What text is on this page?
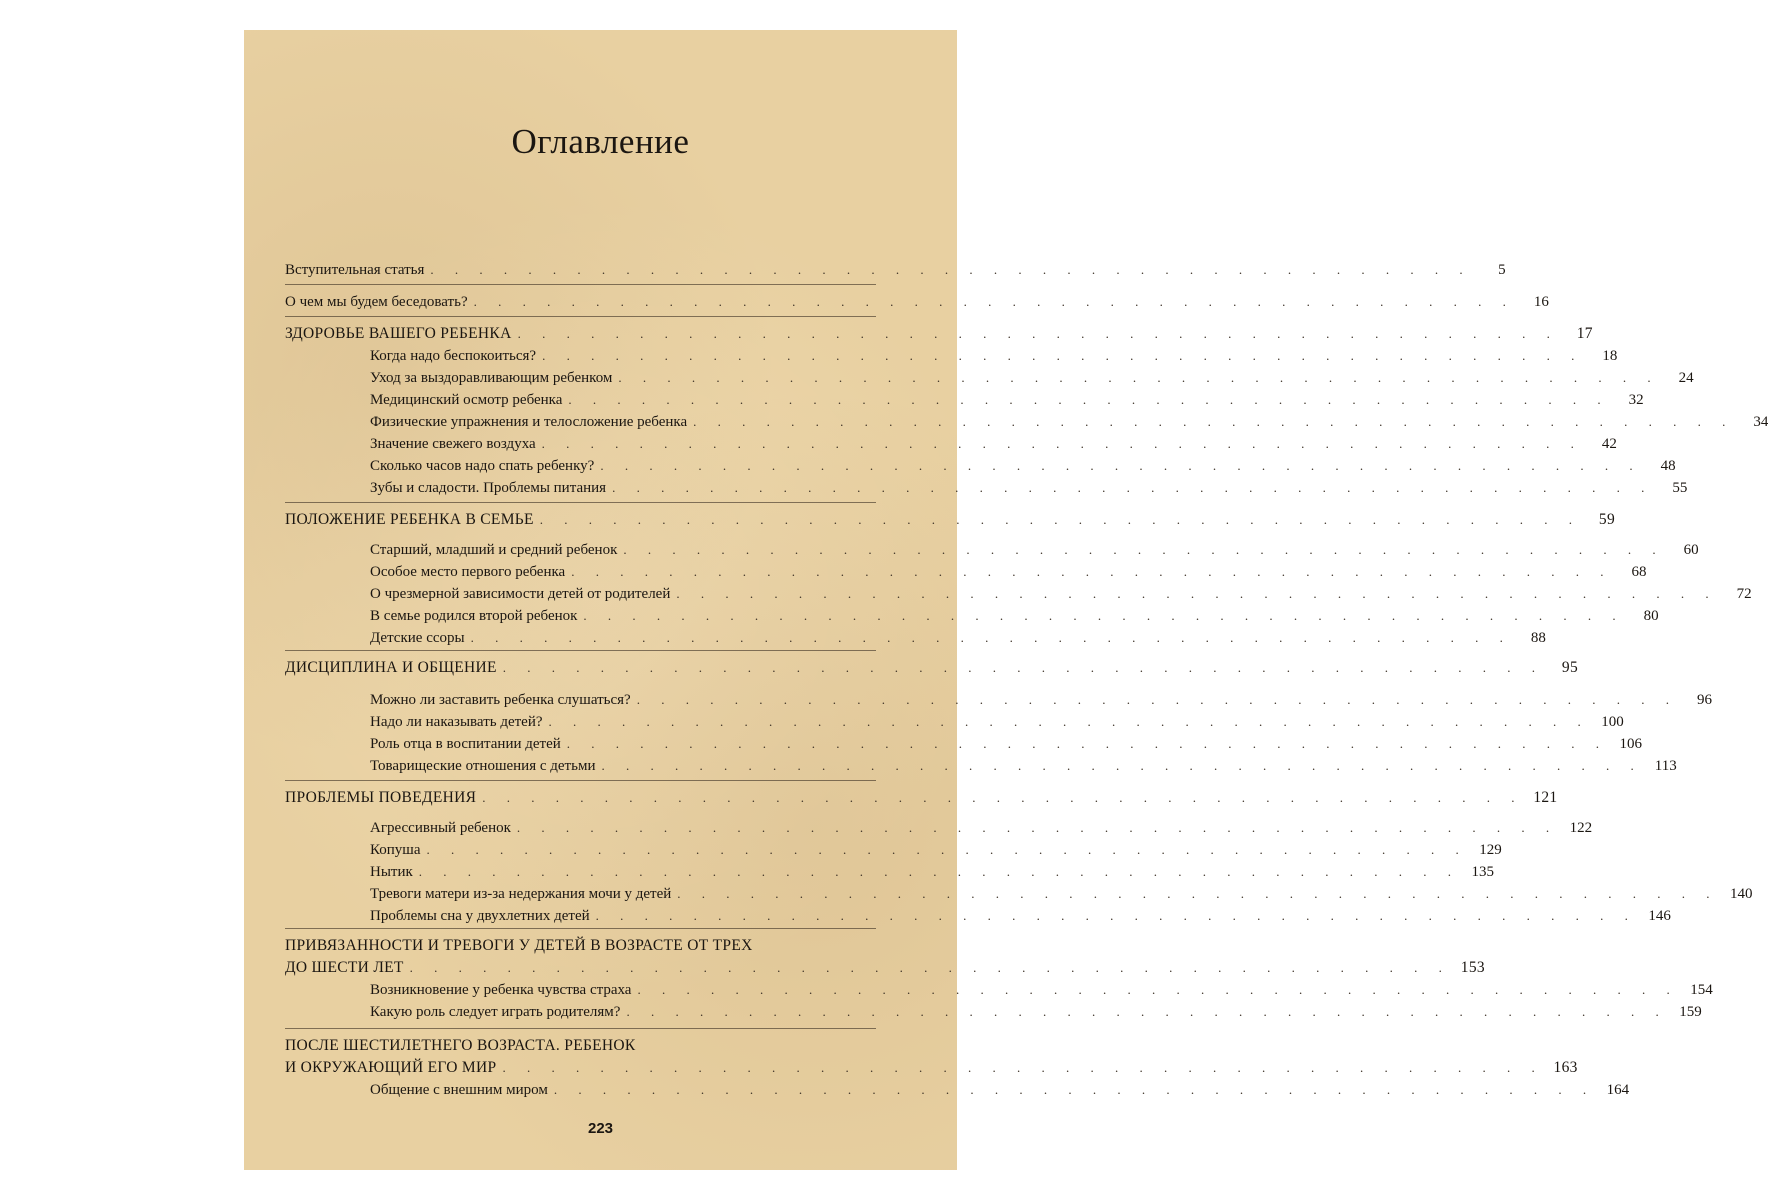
Оглавление
Вступительная статья . . . . . . . . . . . . . . . . . . . . . . . . . . . . . . . . . . . . . . . . . . .	5
О чем мы будем беседовать? . . . . . . . . . . . . . . . . . . . . . . . . . . . . . . . . . . . . . . . . . . .	16
ЗДОРОВЬЕ ВАШЕГО РЕБЕНКА . . . . . . . . . . . . . . . . . . . . . . . . . . . . . . . . . . . . . . . . . . .	17
Когда надо беспокоиться? . . . . . . . . . . . . . . . . . . . . . . . . . . . . . . . . . . . . . . . . . . .	18
Уход за выздоравливающим ребенком . . . . . . . . . . . . . . . . . . . . . . . . . . . . . . . . . . . . . . . . . . .	24
Медицинский осмотр ребенка . . . . . . . . . . . . . . . . . . . . . . . . . . . . . . . . . . . . . . . . . . .	32
Физические упражнения и телосложение ребенка . . . . . . . . . . . . . . . . . . . . . . . . . . . . . . . . . . . . . . . . . . .	34
Значение свежего воздуха . . . . . . . . . . . . . . . . . . . . . . . . . . . . . . . . . . . . . . . . . . .	42
Сколько часов надо спать ребенку? . . . . . . . . . . . . . . . . . . . . . . . . . . . . . . . . . . . . . . . . . . .	48
Зубы и сладости. Проблемы питания . . . . . . . . . . . . . . . . . . . . . . . . . . . . . . . . . . . . . . . . . . .	55
ПОЛОЖЕНИЕ РЕБЕНКА В СЕМЬЕ . . . . . . . . . . . . . . . . . . . . . . . . . . . . . . . . . . . . . . . . . . .	59
Старший, младший и средний ребенок . . . . . . . . . . . . . . . . . . . . . . . . . . . . . . . . . . . . . . . . . . .	60
Особое место первого ребенка . . . . . . . . . . . . . . . . . . . . . . . . . . . . . . . . . . . . . . . . . . .	68
О чрезмерной зависимости детей от родителей . . . . . . . . . . . . . . . . . . . . . . . . . . . . . . . . . . . . . . . . . . .	72
В семье родился второй ребенок . . . . . . . . . . . . . . . . . . . . . . . . . . . . . . . . . . . . . . . . . . .	80
Детские ссоры . . . . . . . . . . . . . . . . . . . . . . . . . . . . . . . . . . . . . . . . . . .	88
ДИСЦИПЛИНА И ОБЩЕНИЕ . . . . . . . . . . . . . . . . . . . . . . . . . . . . . . . . . . . . . . . . . . .	95
Можно ли заставить ребенка слушаться? . . . . . . . . . . . . . . . . . . . . . . . . . . . . . . . . . . . . . . . . . . .	96
Надо ли наказывать детей? . . . . . . . . . . . . . . . . . . . . . . . . . . . . . . . . . . . . . . . . . . . 100
Роль отца в воспитании детей . . . . . . . . . . . . . . . . . . . . . . . . . . . . . . . . . . . . . . . . . . . 106
Товарищеские отношения с детьми . . . . . . . . . . . . . . . . . . . . . . . . . . . . . . . . . . . . . . . . . . . 113
ПРОБЛЕМЫ ПОВЕДЕНИЯ . . . . . . . . . . . . . . . . . . . . . . . . . . . . . . . . . . . . . . . . . . . 121
Агрессивный ребенок . . . . . . . . . . . . . . . . . . . . . . . . . . . . . . . . . . . . . . . . . . . 122
Копуша . . . . . . . . . . . . . . . . . . . . . . . . . . . . . . . . . . . . . . . . . . . 129
Нытик . . . . . . . . . . . . . . . . . . . . . . . . . . . . . . . . . . . . . . . . . . . 135
Тревоги матери из-за недержания мочи у детей . . . . . . . . . . . . . . . . . . . . . . . . . . . . . . . . . . . . . . . . . . . 140
Проблемы сна у двухлетних детей . . . . . . . . . . . . . . . . . . . . . . . . . . . . . . . . . . . . . . . . . . . 146
ПРИВЯЗАННОСТИ И ТРЕВОГИ У ДЕТЕЙ В ВОЗРАСТЕ ОТ ТРЕХ
ДО ШЕСТИ ЛЕТ . . . . . . . . . . . . . . . . . . . . . . . . . . . . . . . . . . . . . . . . . . . 153
Возникновение у ребенка чувства страха . . . . . . . . . . . . . . . . . . . . . . . . . . . . . . . . . . . . . . . . . . . 154
Какую роль следует играть родителям? . . . . . . . . . . . . . . . . . . . . . . . . . . . . . . . . . . . . . . . . . . . 159
ПОСЛЕ ШЕСТИЛЕТНЕГО ВОЗРАСТА. РЕБЕНОК
И ОКРУЖАЮЩИЙ ЕГО МИР . . . . . . . . . . . . . . . . . . . . . . . . . . . . . . . . . . . . . . . . . . . 163
Общение с внешним миром . . . . . . . . . . . . . . . . . . . . . . . . . . . . . . . . . . . . . . . . . . . 164
223
